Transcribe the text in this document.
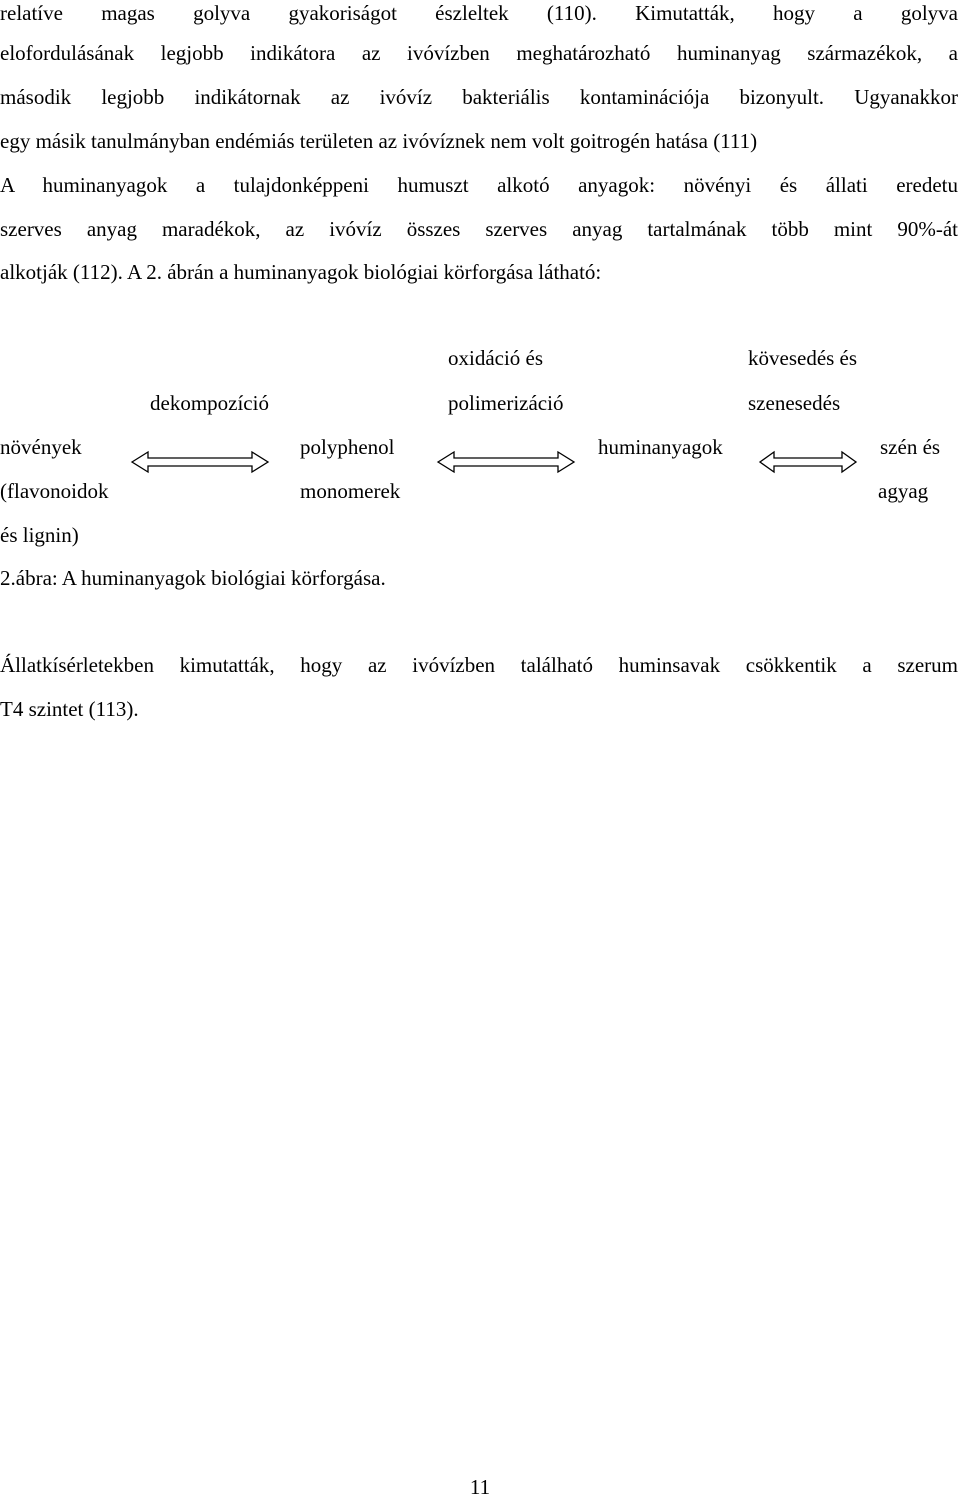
relatíve magas golyva gyakoriságot észleltek (110). Kimutatták, hogy a golyva
elofordulásának legjobb indikátora az ivóvízben meghatározható huminanyag származékok, a
második legjobb indikátornak az ivóvíz bakteriális kontaminációja bizonyult. Ugyanakkor
egy másik tanulmányban endémiás területen az ivóvíznek nem volt goitrogén hatása (111)
A huminanyagok a tulajdonképpeni humuszt alkotó anyagok: növényi és állati eredetu
szerves anyag maradékok, az ivóvíz összes szerves anyag tartalmának több mint 90%-át
alkotják (112). A 2. ábrán a huminanyagok biológiai körforgása látható:
oxidáció és	kövesedés és
dekompozíció	polimerizáció	szenesedés
növények	polyphenol	huminanyagok	szén és
(flavonoidok	monomerek	agyag
és lignin)
2.ábra: A huminanyagok biológiai körforgása.
Állatkísérletekben kimutatták, hogy az ivóvízben található huminsavak csökkentik a szerum
T4 szintet (113).
11
